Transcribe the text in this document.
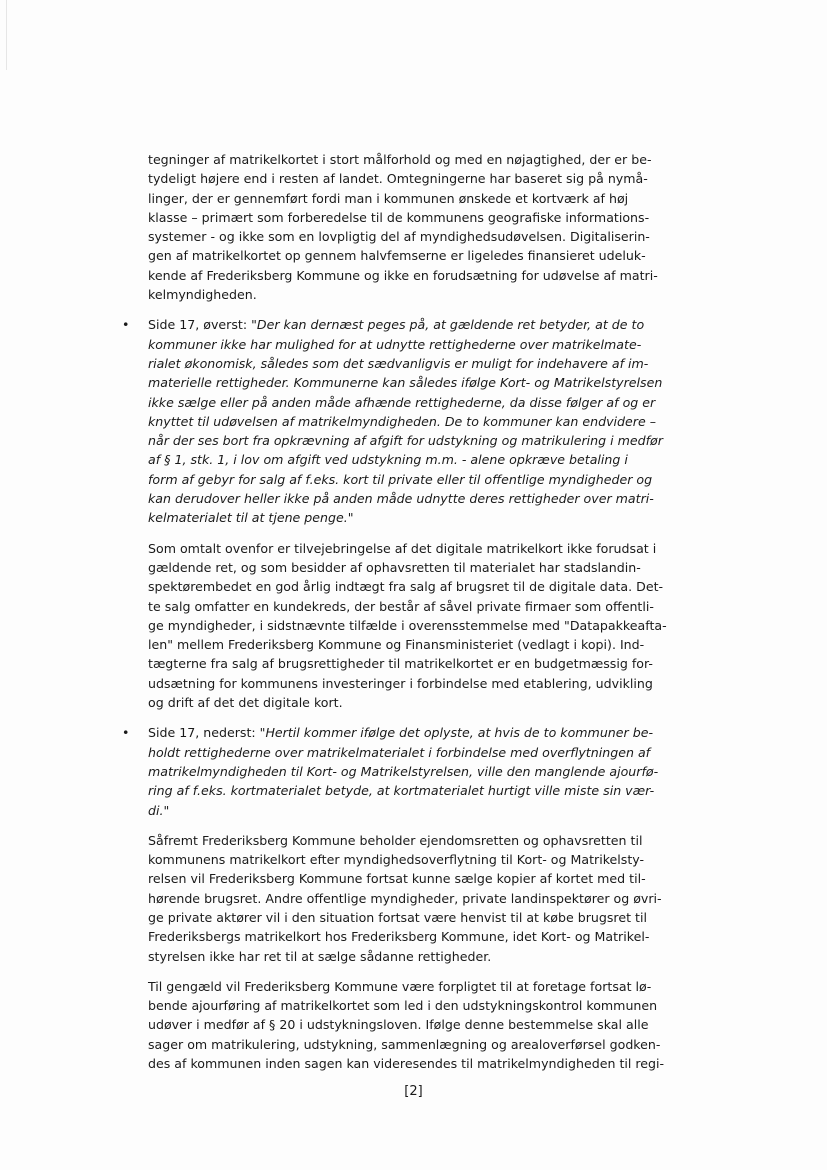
tegninger af matrikelkortet i stort målforhold og med en nøjagtighed, der er be-
tydeligt højere end i resten af landet. Omtegningerne har baseret sig på nymå-
linger, der er gennemført fordi man i kommunen ønskede et kortværk af høj
klasse – primært som forberedelse til de kommunens geografiske informations-
systemer - og ikke som en lovpligtig del af myndighedsudøvelsen. Digitaliserin-
gen af matrikelkortet op gennem halvfemserne er ligeledes finansieret udeluk-
kende af Frederiksberg Kommune og ikke en forudsætning for udøvelse af matri-
kelmyndigheden.
• Side 17, øverst: "Der kan dernæst peges på, at gældende ret betyder, at de to
kommuner ikke har mulighed for at udnytte rettighederne over matrikelmate-
rialet økonomisk, således som det sædvanligvis er muligt for indehavere af im-
materielle rettigheder. Kommunerne kan således ifølge Kort- og Matrikelstyrelsen
ikke sælge eller på anden måde afhænde rettighederne, da disse følger af og er
knyttet til udøvelsen af matrikelmyndigheden. De to kommuner kan endvidere –
når der ses bort fra opkrævning af afgift for udstykning og matrikulering i medfør
af § 1, stk. 1, i lov om afgift ved udstykning m.m. - alene opkræve betaling i
form af gebyr for salg af f.eks. kort til private eller til offentlige myndigheder og
kan derudover heller ikke på anden måde udnytte deres rettigheder over matri-
kelmaterialet til at tjene penge."
Som omtalt ovenfor er tilvejebringelse af det digitale matrikelkort ikke forudsat i
gældende ret, og som besidder af ophavsretten til materialet har stadslandin-
spektørembedet en god årlig indtægt fra salg af brugsret til de digitale data. Det-
te salg omfatter en kundekreds, der består af såvel private firmaer som offentli-
ge myndigheder, i sidstnævnte tilfælde i overensstemmelse med "Datapakkeafta-
len" mellem Frederiksberg Kommune og Finansministeriet (vedlagt i kopi). Ind-
tægterne fra salg af brugsrettigheder til matrikelkortet er en budgetmæssig for-
udsætning for kommunens investeringer i forbindelse med etablering, udvikling
og drift af det det digitale kort.
• Side 17, nederst: "Hertil kommer ifølge det oplyste, at hvis de to kommuner be-
holdt rettighederne over matrikelmaterialet i forbindelse med overflytningen af
matrikelmyndigheden til Kort- og Matrikelstyrelsen, ville den manglende ajourfø-
ring af f.eks. kortmaterialet betyde, at kortmaterialet hurtigt ville miste sin vær-
di."
Såfremt Frederiksberg Kommune beholder ejendomsretten og ophavsretten til
kommunens matrikelkort efter myndighedsoverflytning til Kort- og Matrikelsty-
relsen vil Frederiksberg Kommune fortsat kunne sælge kopier af kortet med til-
hørende brugsret. Andre offentlige myndigheder, private landinspektører og øvri-
ge private aktører vil i den situation fortsat være henvist til at købe brugsret til
Frederiksbergs matrikelkort hos Frederiksberg Kommune, idet Kort- og Matrikel-
styrelsen ikke har ret til at sælge sådanne rettigheder.
Til gengæld vil Frederiksberg Kommune være forpligtet til at foretage fortsat lø-
bende ajourføring af matrikelkortet som led i den udstykningskontrol kommunen
udøver i medfør af § 20 i udstykningsloven. Ifølge denne bestemmelse skal alle
sager om matrikulering, udstykning, sammenlægning og arealoverførsel godken-
des af kommunen inden sagen kan videresendes til matrikelmyndigheden til regi-
[2]
